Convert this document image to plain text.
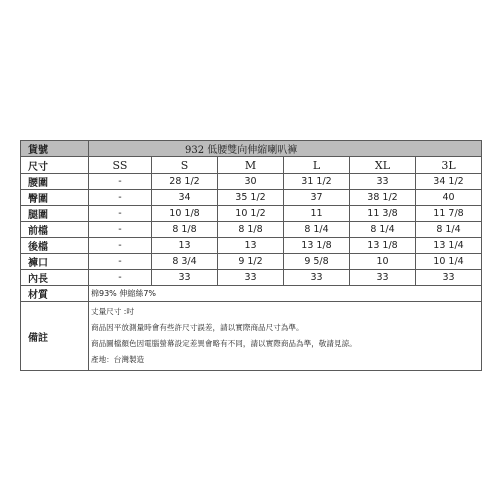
貨號	932 低腰雙向伸縮喇叭褲					
尺寸	SS	S	M	L	XL	3L
腰圍	-	28 1/2	30	31 1/2	33	34 1/2
臀圍	-	34	35 1/2	37	38 1/2	40
腿圍	-	10 1/8	10 1/2	11	11 3/8	11 7/8
前檔	-	8 1/8	8 1/8	8 1/4	8 1/4	8 1/4
後檔	-	13	13	13 1/8	13 1/8	13 1/4
褲口	-	8 3/4	9 1/2	9 5/8	10	10 1/4
內長	-	33	33	33	33	33
材質	棉93% 伸縮絲7%					
備註	丈量尺寸 :吋
商品因平放測量時會有些許尺寸誤差，請以實際商品尺寸為準。
商品圖檔顏色因電腦螢幕設定差異會略有不同，請以實際商品為準，敬請見諒。
產地：台灣製造					
